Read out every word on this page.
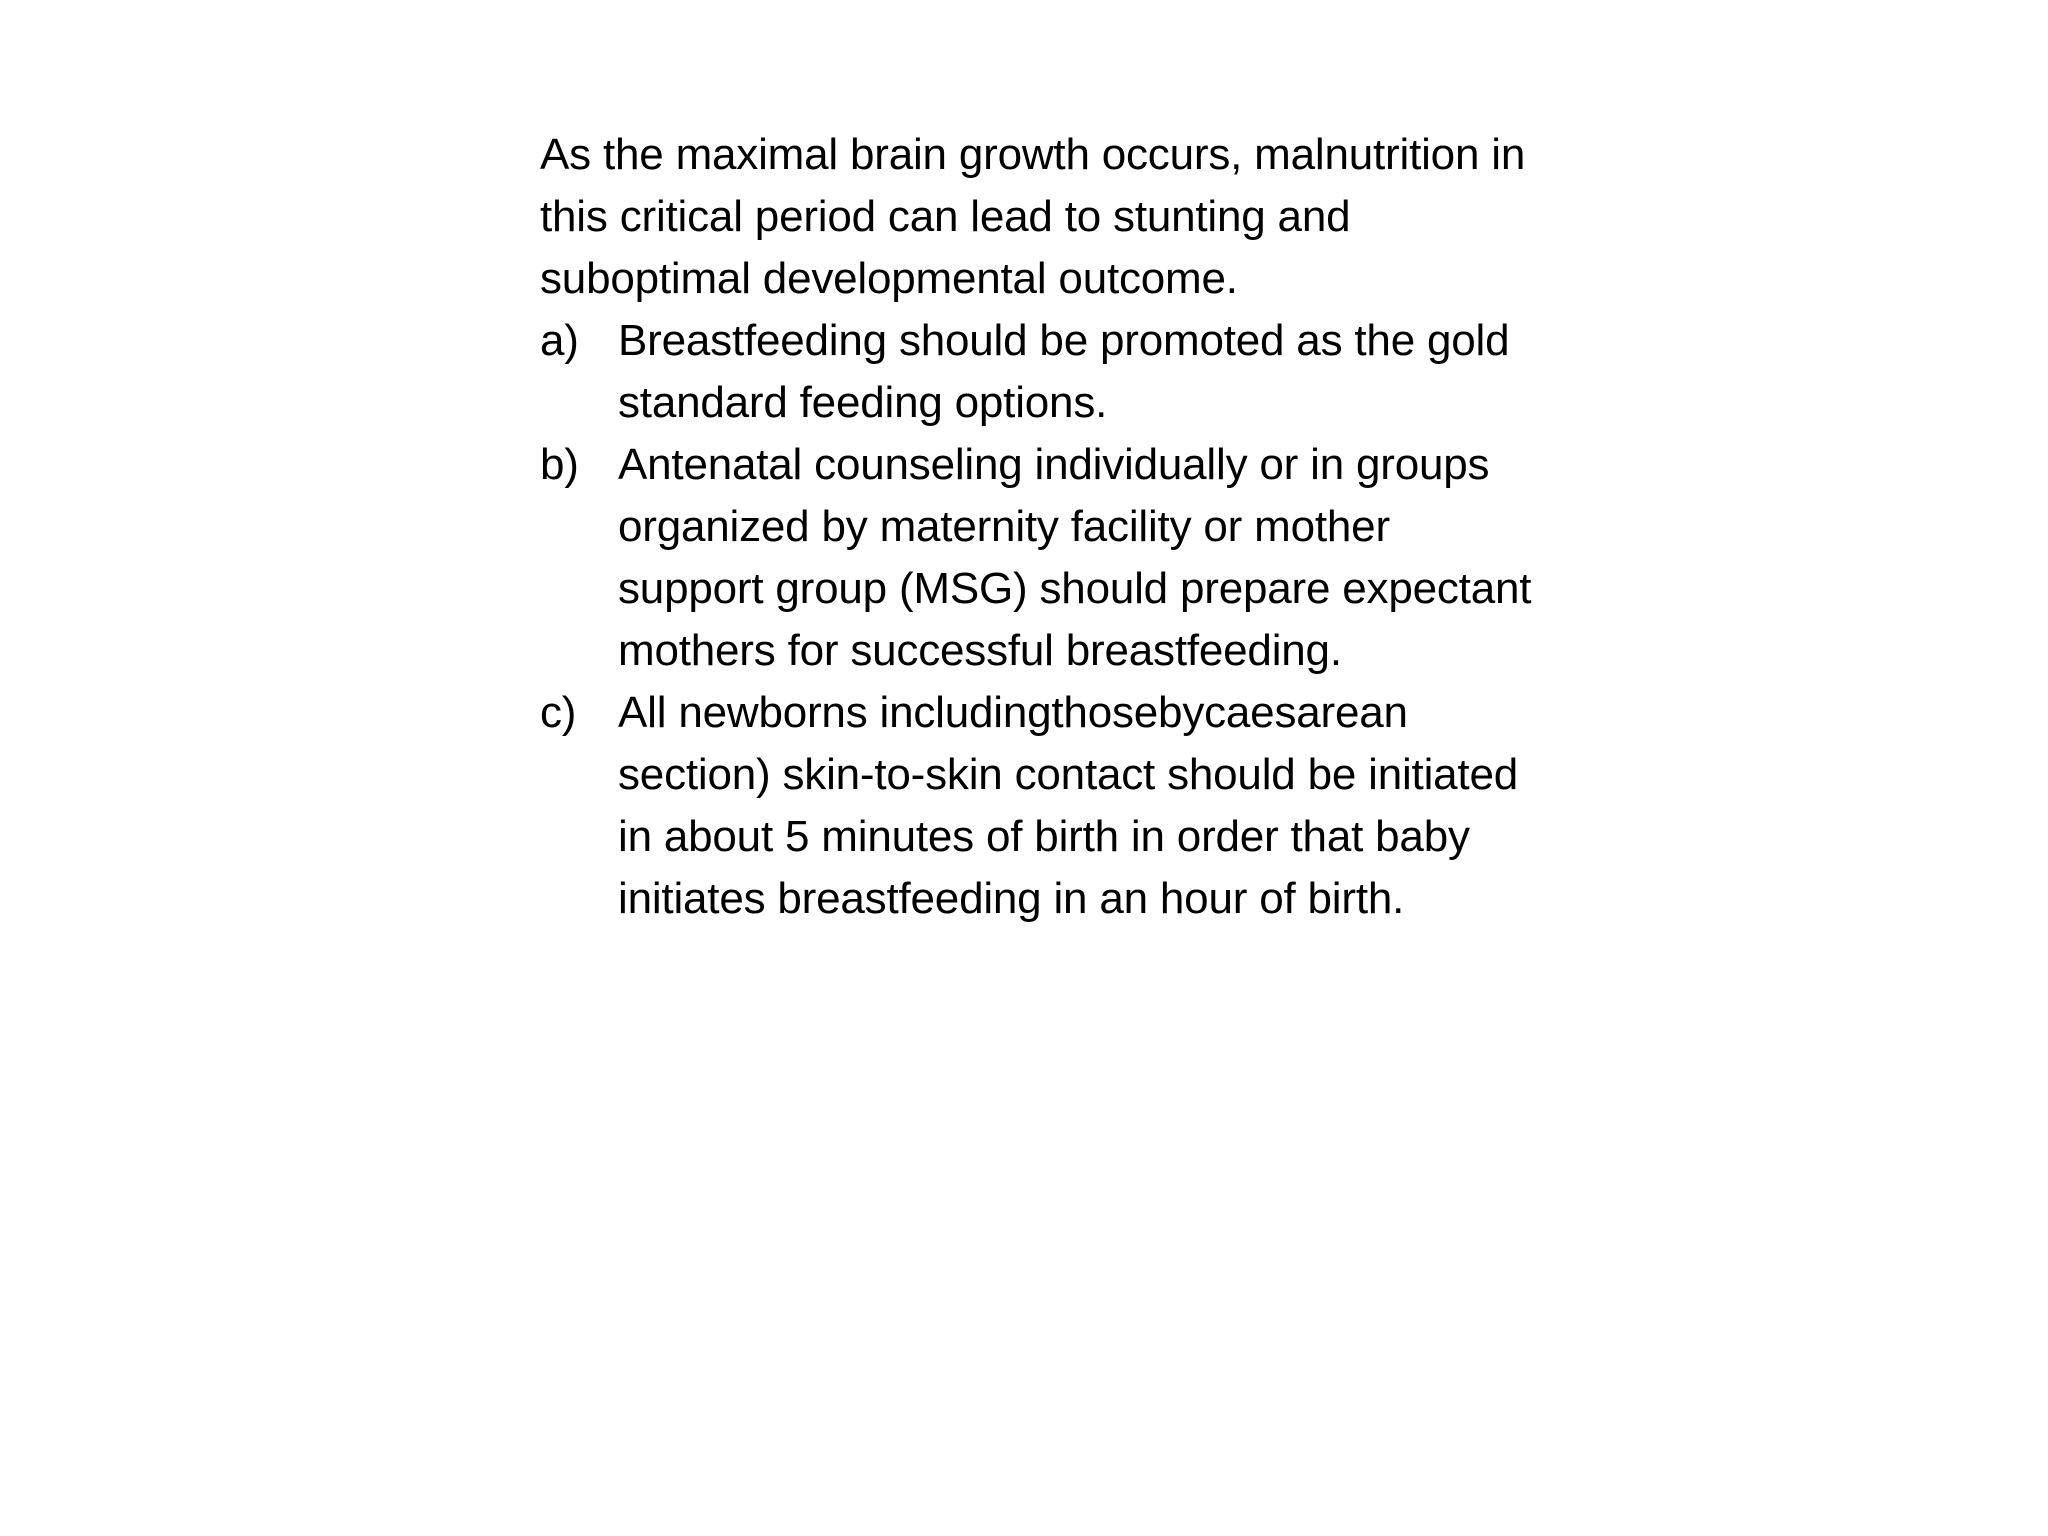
As the maximal brain growth occurs, malnutrition in this critical period can lead to stunting and suboptimal developmental outcome.

a) Breastfeeding should be promoted as the gold standard feeding options.
b) Antenatal counseling individually or in groups organized by maternity facility or mother support group (MSG) should prepare expectant mothers for successful breastfeeding.
c) All newborns includingthosebycaesarean section) skin-to-skin contact should be initiated in about 5 minutes of birth in order that baby initiates breastfeeding in an hour of birth.
